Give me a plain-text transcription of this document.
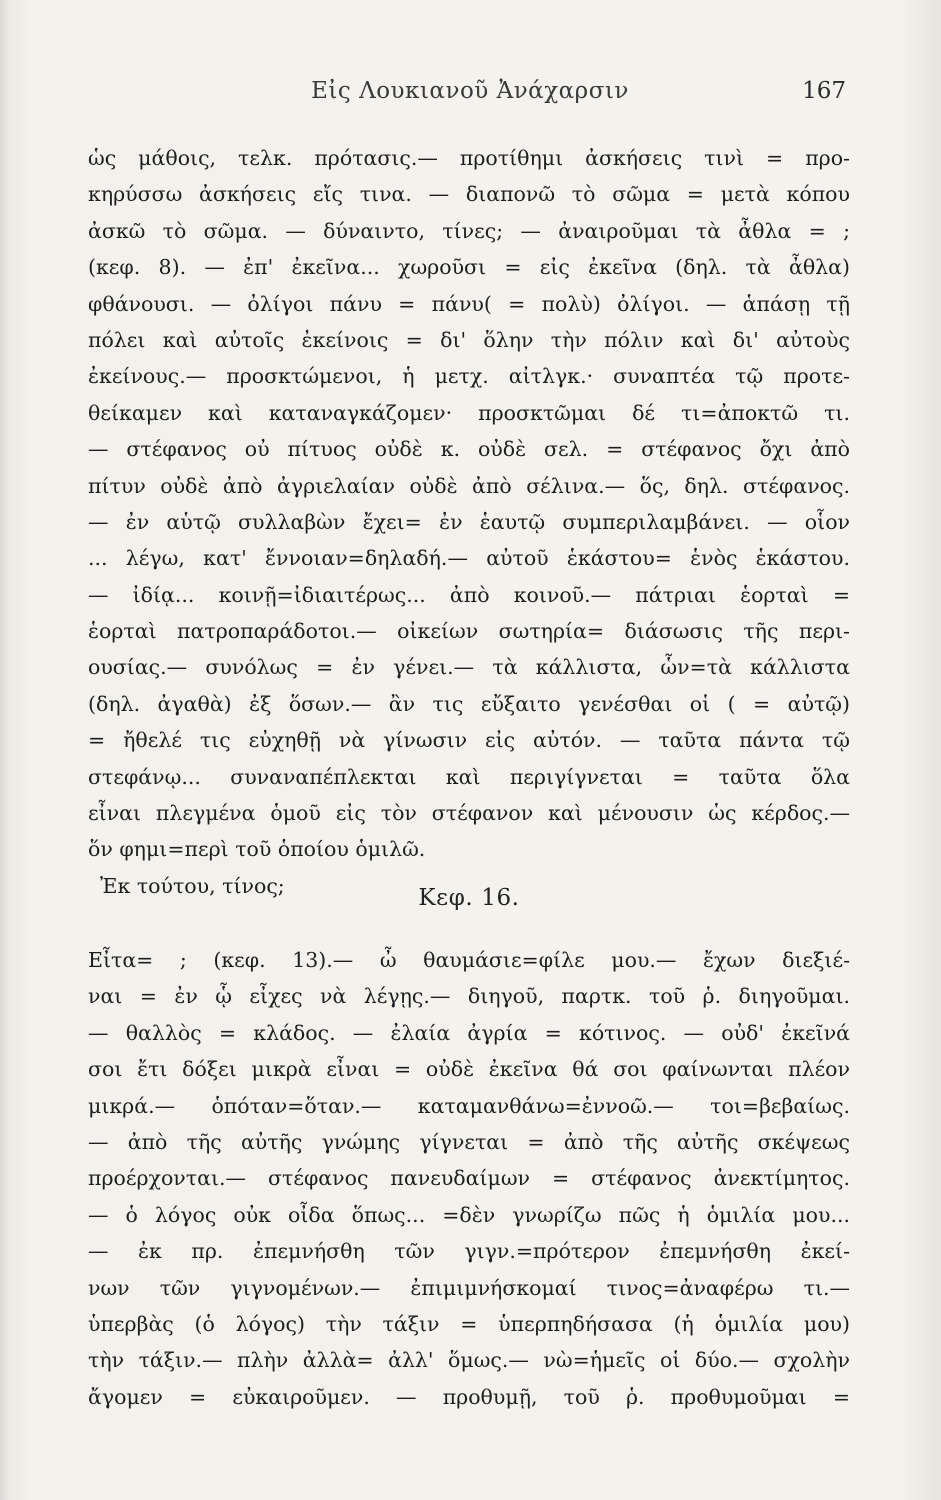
Εἰς Λουκιανοῦ Ἀνάχαρσιν	167
ὡς μάθοις, τελκ. πρότασις.— προτίθημι ἀσκήσεις τινὶ = προ-
κηρύσσω ἀσκήσεις εἴς τινα. — διαπονῶ τὸ σῶμα = μετὰ κόπου
ἀσκῶ τὸ σῶμα. — δύναιντο, τίνες; — ἀναιροῦμαι τὰ ἆθλα = ;
(κεφ. 8). — ἐπ' ἐκεῖνα... χωροῦσι = εἰς ἐκεῖνα (δηλ. τὰ ἆθλα)
φθάνουσι. — ὀλίγοι πάνυ = πάνυ( = πολὺ) ὀλίγοι. — ἁπάσῃ τῇ
πόλει καὶ αὐτοῖς ἐκείνοις = δι' ὅλην τὴν πόλιν καὶ δι' αὐτοὺς
ἐκείνους.— προσκτώμενοι, ἡ μετχ. αἰτλγκ.· συναπτέα τῷ προτε-
θείκαμεν καὶ καταναγκάζομεν· προσκτῶμαι δέ τι=ἀποκτῶ τι.
— στέφανος οὐ πίτυος οὐδὲ κ. οὐδὲ σελ. = στέφανος ὄχι ἀπὸ
πίτυν οὐδὲ ἀπὸ ἀγριελαίαν οὐδὲ ἀπὸ σέλινα.— ὅς, δηλ. στέφανος.
— ἐν αὑτῷ συλλαβὼν ἔχει= ἐν ἑαυτῷ συμπεριλαμβάνει. — οἷον
... λέγω, κατ' ἔννοιαν=δηλαδή.— αὐτοῦ ἑκάστου= ἑνὸς ἑκάστου.
— ἰδίᾳ... κοινῇ=ἰδιαιτέρως... ἀπὸ κοινοῦ.— πάτριαι ἑορταὶ =
ἑορταὶ πατροπαράδοτοι.— οἰκείων σωτηρία= διάσωσις τῆς περι-
ουσίας.— συνόλως = ἐν γένει.— τὰ κάλλιστα, ὧν=τὰ κάλλιστα
(δηλ. ἀγαθὰ) ἐξ ὅσων.— ἂν τις εὔξαιτο γενέσθαι οἱ ( = αὐτῷ)
= ἤθελέ τις εὐχηθῇ νὰ γίνωσιν εἰς αὐτόν. — ταῦτα πάντα τῷ
στεφάνῳ... συναναπέπλεκται καὶ περιγίγνεται = ταῦτα ὅλα
εἶναι πλεγμένα ὁμοῦ εἰς τὸν στέφανον καὶ μένουσιν ὡς κέρδος.—
ὅν φημι=περὶ τοῦ ὁποίου ὁμιλῶ.
Ἐκ τούτου, τίνος;	Κεφ. 16.
Εἶτα= ; (κεφ. 13).— ὦ θαυμάσιε=φίλε μου.— ἔχων διεξιέ-
ναι = ἐν ᾧ εἶχες νὰ λέγῃς.— διηγοῦ, παρτκ. τοῦ ῥ. διηγοῦμαι.
— θαλλὸς = κλάδος. — ἐλαία ἀγρία = κότινος. — οὐδ' ἐκεῖνά
σοι ἔτι δόξει μικρὰ εἶναι = οὐδὲ ἐκεῖνα θά σοι φαίνωνται πλέον
μικρά.— ὁπόταν=ὅταν.— καταμανθάνω=ἐννοῶ.— τοι=βεβαίως.
— ἀπὸ τῆς αὐτῆς γνώμης γίγνεται = ἀπὸ τῆς αὐτῆς σκέψεως
προέρχονται.— στέφανος πανευδαίμων = στέφανος ἀνεκτίμητος.
— ὁ λόγος οὐκ οἶδα ὅπως... =δὲν γνωρίζω πῶς ἡ ὁμιλία μου...
— ἐκ πρ. ἐπεμνήσθη τῶν γιγν.=πρότερον ἐπεμνήσθη ἐκεί-
νων τῶν γιγνομένων.— ἐπιμιμνήσκομαί τινος=ἀναφέρω τι.—
ὑπερβὰς (ὁ λόγος) τὴν τάξιν = ὑπερπηδήσασα (ἡ ὁμιλία μου)
τὴν τάξιν.— πλὴν ἀλλὰ= ἀλλ' ὅμως.— νὼ=ἡμεῖς οἱ δύο.— σχολὴν
ἄγομεν = εὐκαιροῦμεν. — προθυμῇ, τοῦ ῥ. προθυμοῦμαι =
